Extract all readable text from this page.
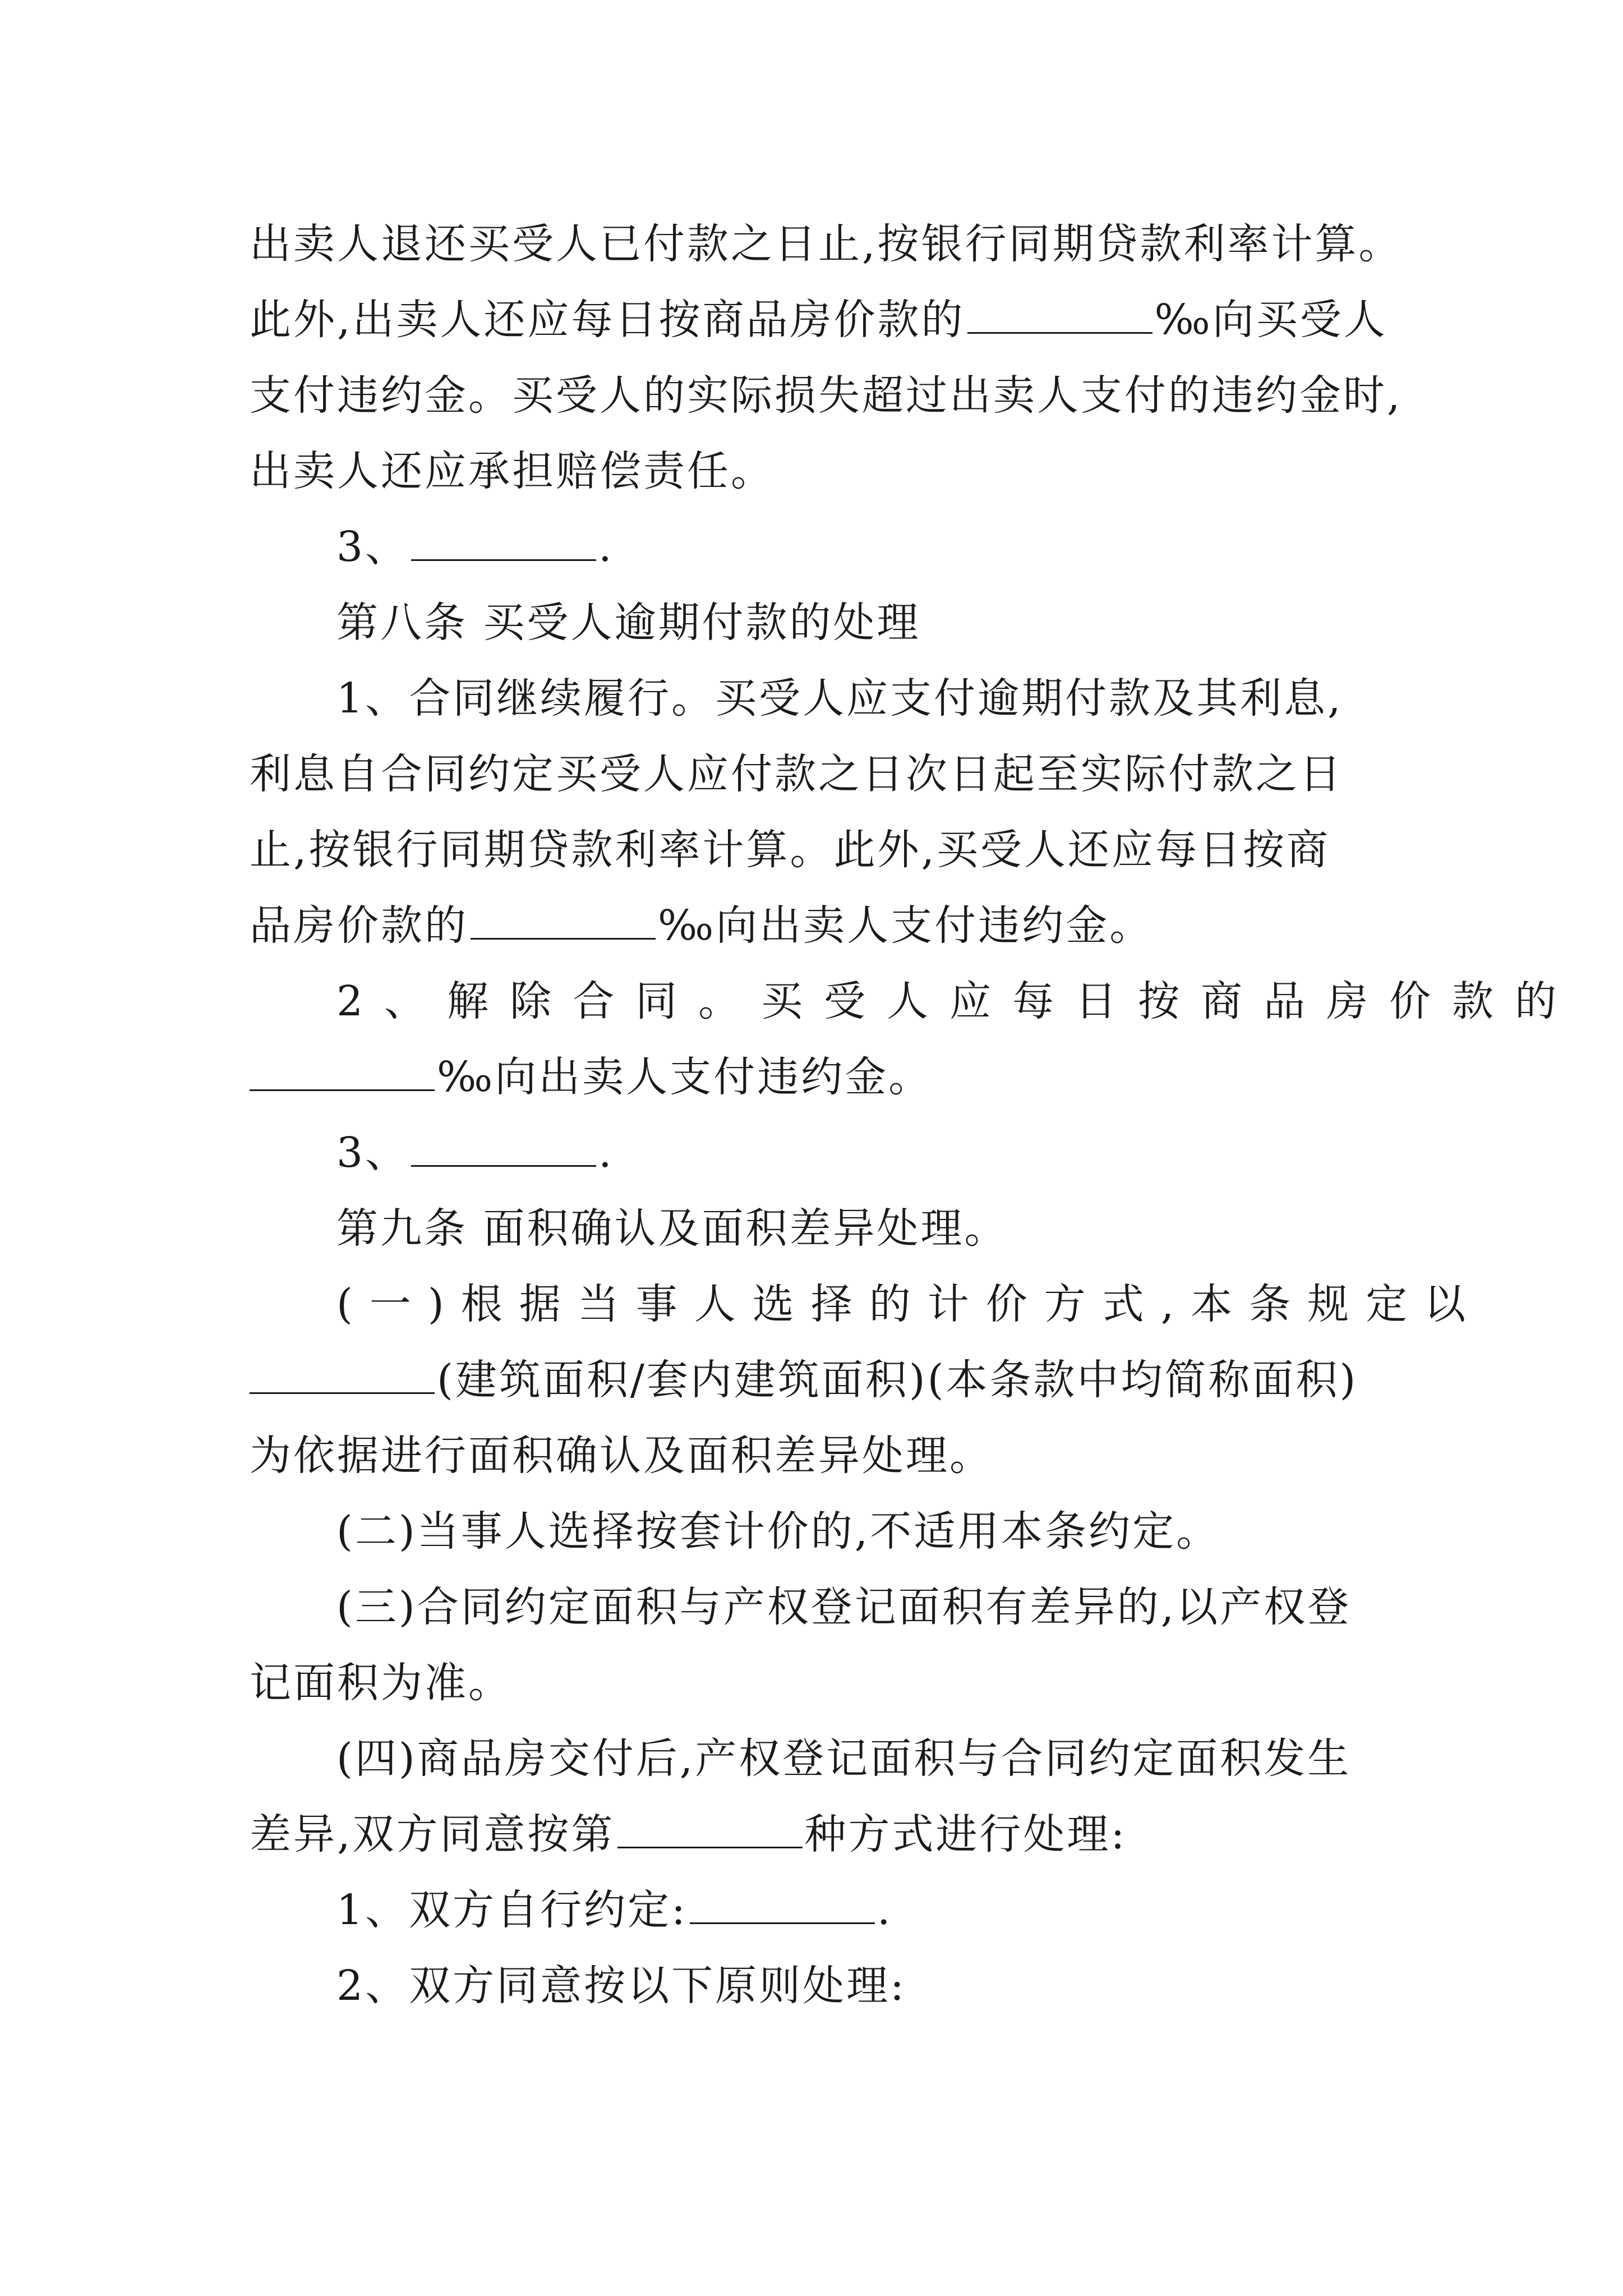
出卖人退还买受人已付款之日止,按银行同期贷款利率计算。
此外,出卖人还应每日按商品房价款的	‰向买受人
支付违约金。买受人的实际损失超过出卖人支付的违约金时,
出卖人还应承担赔偿责任。
3、	.
第八条 买受人逾期付款的处理
1、合同继续履行。买受人应支付逾期付款及其利息,
利息自合同约定买受人应付款之日次日起至实际付款之日
止,按银行同期贷款利率计算。此外,买受人还应每日按商
品房价款的	‰向出卖人支付违约金。
2、解除合同。买受人应每日按商品房价款的
‰向出卖人支付违约金。
3、	.
第九条 面积确认及面积差异处理。
(一)根据当事人选择的计价方式,本条规定以
(建筑面积/套内建筑面积)(本条款中均简称面积)
为依据进行面积确认及面积差异处理。
(二)当事人选择按套计价的,不适用本条约定。
(三)合同约定面积与产权登记面积有差异的,以产权登
记面积为准。
(四)商品房交付后,产权登记面积与合同约定面积发生
差异,双方同意按第	种方式进行处理:
1、双方自行约定:	.
2、双方同意按以下原则处理:
